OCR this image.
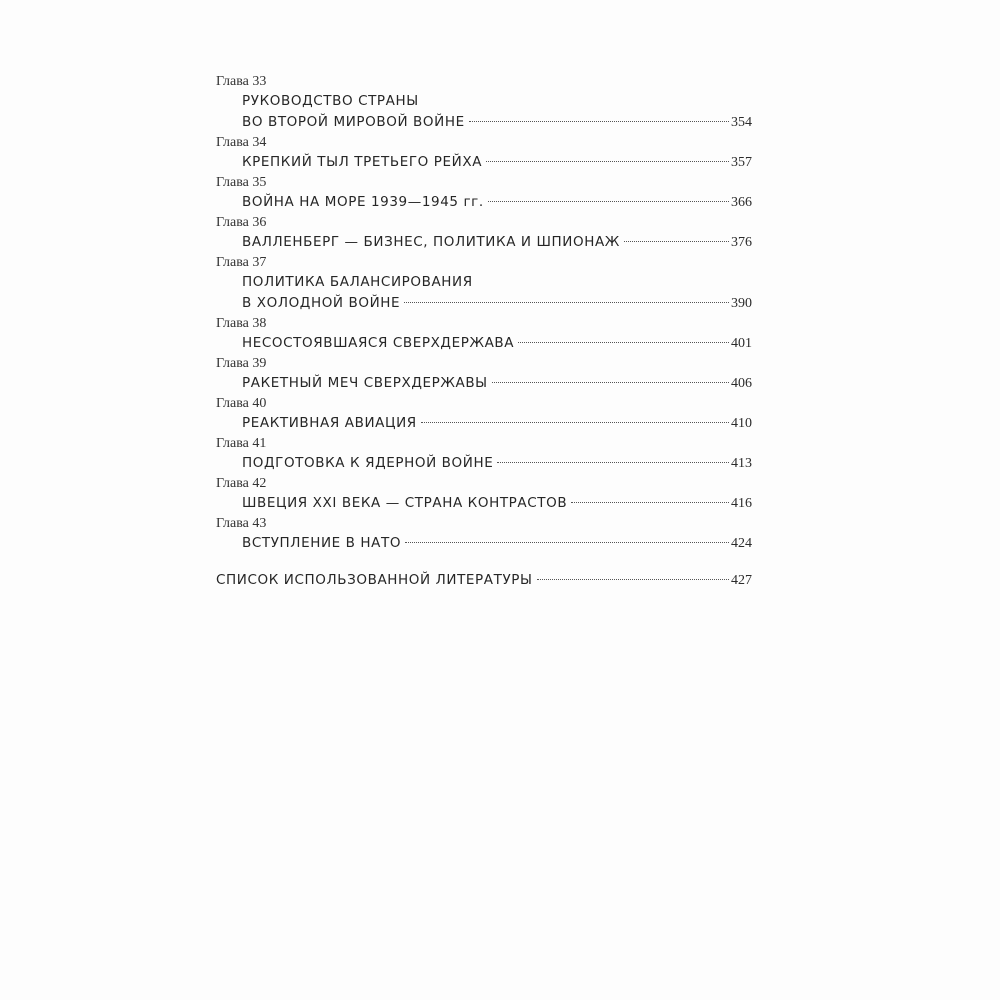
Глава 33
РУКОВОДСТВО СТРАНЫ
ВО ВТОРОЙ МИРОВОЙ ВОЙНЕ	354
Глава 34
КРЕПКИЙ ТЫЛ ТРЕТЬЕГО РЕЙХА	357
Глава 35
ВОЙНА НА МОРЕ 1939—1945 гг.	366
Глава 36
ВАЛЛЕНБЕРГ — БИЗНЕС, ПОЛИТИКА И ШПИОНАЖ	376
Глава 37
ПОЛИТИКА БАЛАНСИРОВАНИЯ
В ХОЛОДНОЙ ВОЙНЕ	390
Глава 38
НЕСОСТОЯВШАЯСЯ СВЕРХДЕРЖАВА	401
Глава 39
РАКЕТНЫЙ МЕЧ СВЕРХДЕРЖАВЫ	406
Глава 40
РЕАКТИВНАЯ АВИАЦИЯ	410
Глава 41
ПОДГОТОВКА К ЯДЕРНОЙ ВОЙНЕ	413
Глава 42
ШВЕЦИЯ XXI ВЕКА — СТРАНА КОНТРАСТОВ	416
Глава 43
ВСТУПЛЕНИЕ В НАТО	424
СПИСОК ИСПОЛЬЗОВАННОЙ ЛИТЕРАТУРЫ	427
